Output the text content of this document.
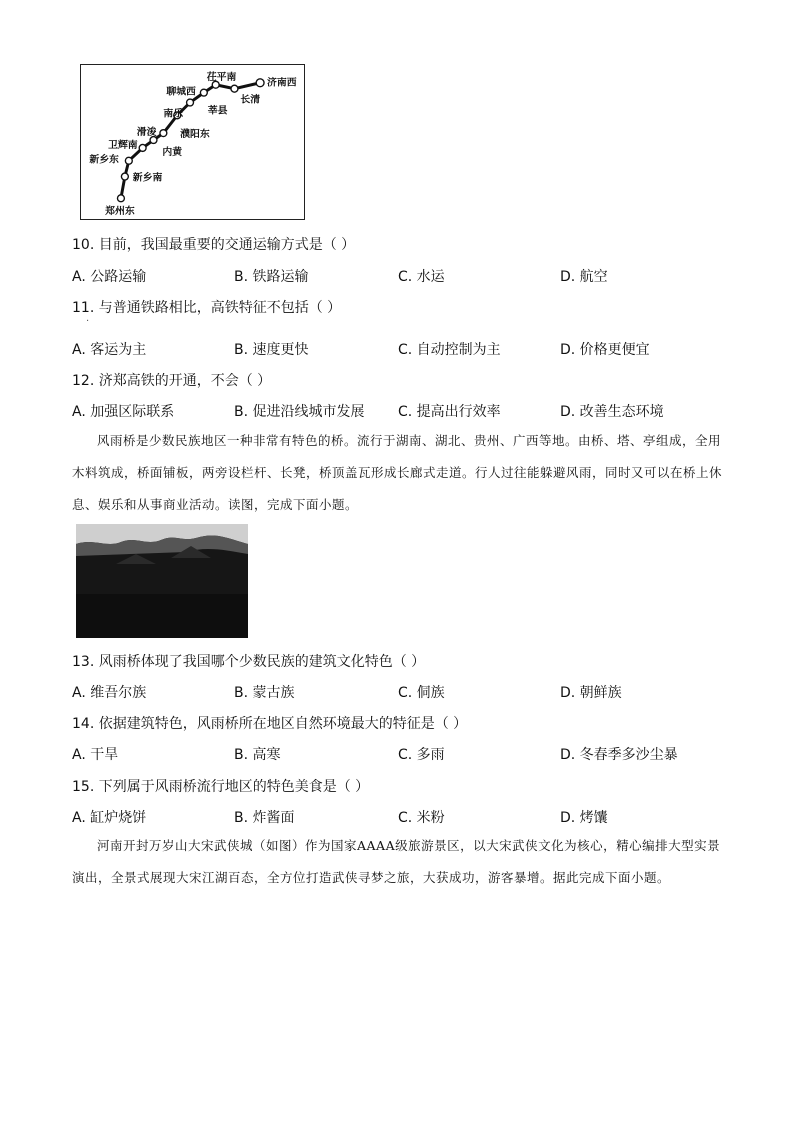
郑州东
新乡南
新乡东
卫辉南
滑浚
内黄
濮阳东
南乐 莘县
聊城西
茌平南
长清
济南西
10. 目前，我国最重要的交通运输方式是（ ）
A. 公路运输	B. 铁路运输	C. 水运	D. 航空
11. 与普通铁路相比，高铁特征不包括（ ）
·
A. 客运为主	B. 速度更快	C. 自动控制为主	D. 价格更便宜
12. 济郑高铁的开通，不会（ ）
A. 加强区际联系	B. 促进沿线城市发展 C. 提高出行效率	D. 改善生态环境
风雨桥是少数民族地区一种非常有特色的桥。流行于湖南、湖北、贵州、广西等地。由桥、塔、亭组成，全用木料筑成，桥面铺板，两旁设栏杆、长凳，桥顶盖瓦形成长廊式走道。行人过往能躲避风雨，同时又可以在桥上休息、娱乐和从事商业活动。读图，完成下面小题。
13. 风雨桥体现了我国哪个少数民族的建筑文化特色（ ）
A. 维吾尔族	B. 蒙古族	C. 侗族	D. 朝鲜族
14. 依据建筑特色，风雨桥所在地区自然环境最大的特征是（ ）
A. 干旱	B. 高寒	C. 多雨	D. 冬春季多沙尘暴
15. 下列属于风雨桥流行地区的特色美食是（ ）
A. 缸炉烧饼	B. 炸酱面	C. 米粉	D. 烤馕
河南开封万岁山大宋武侠城（如图）作为国家AAAA级旅游景区，以大宋武侠文化为核心，精心编排大型实景演出，全景式展现大宋江湖百态，全方位打造武侠寻梦之旅，大获成功，游客暴增。据此完成下面小题。
